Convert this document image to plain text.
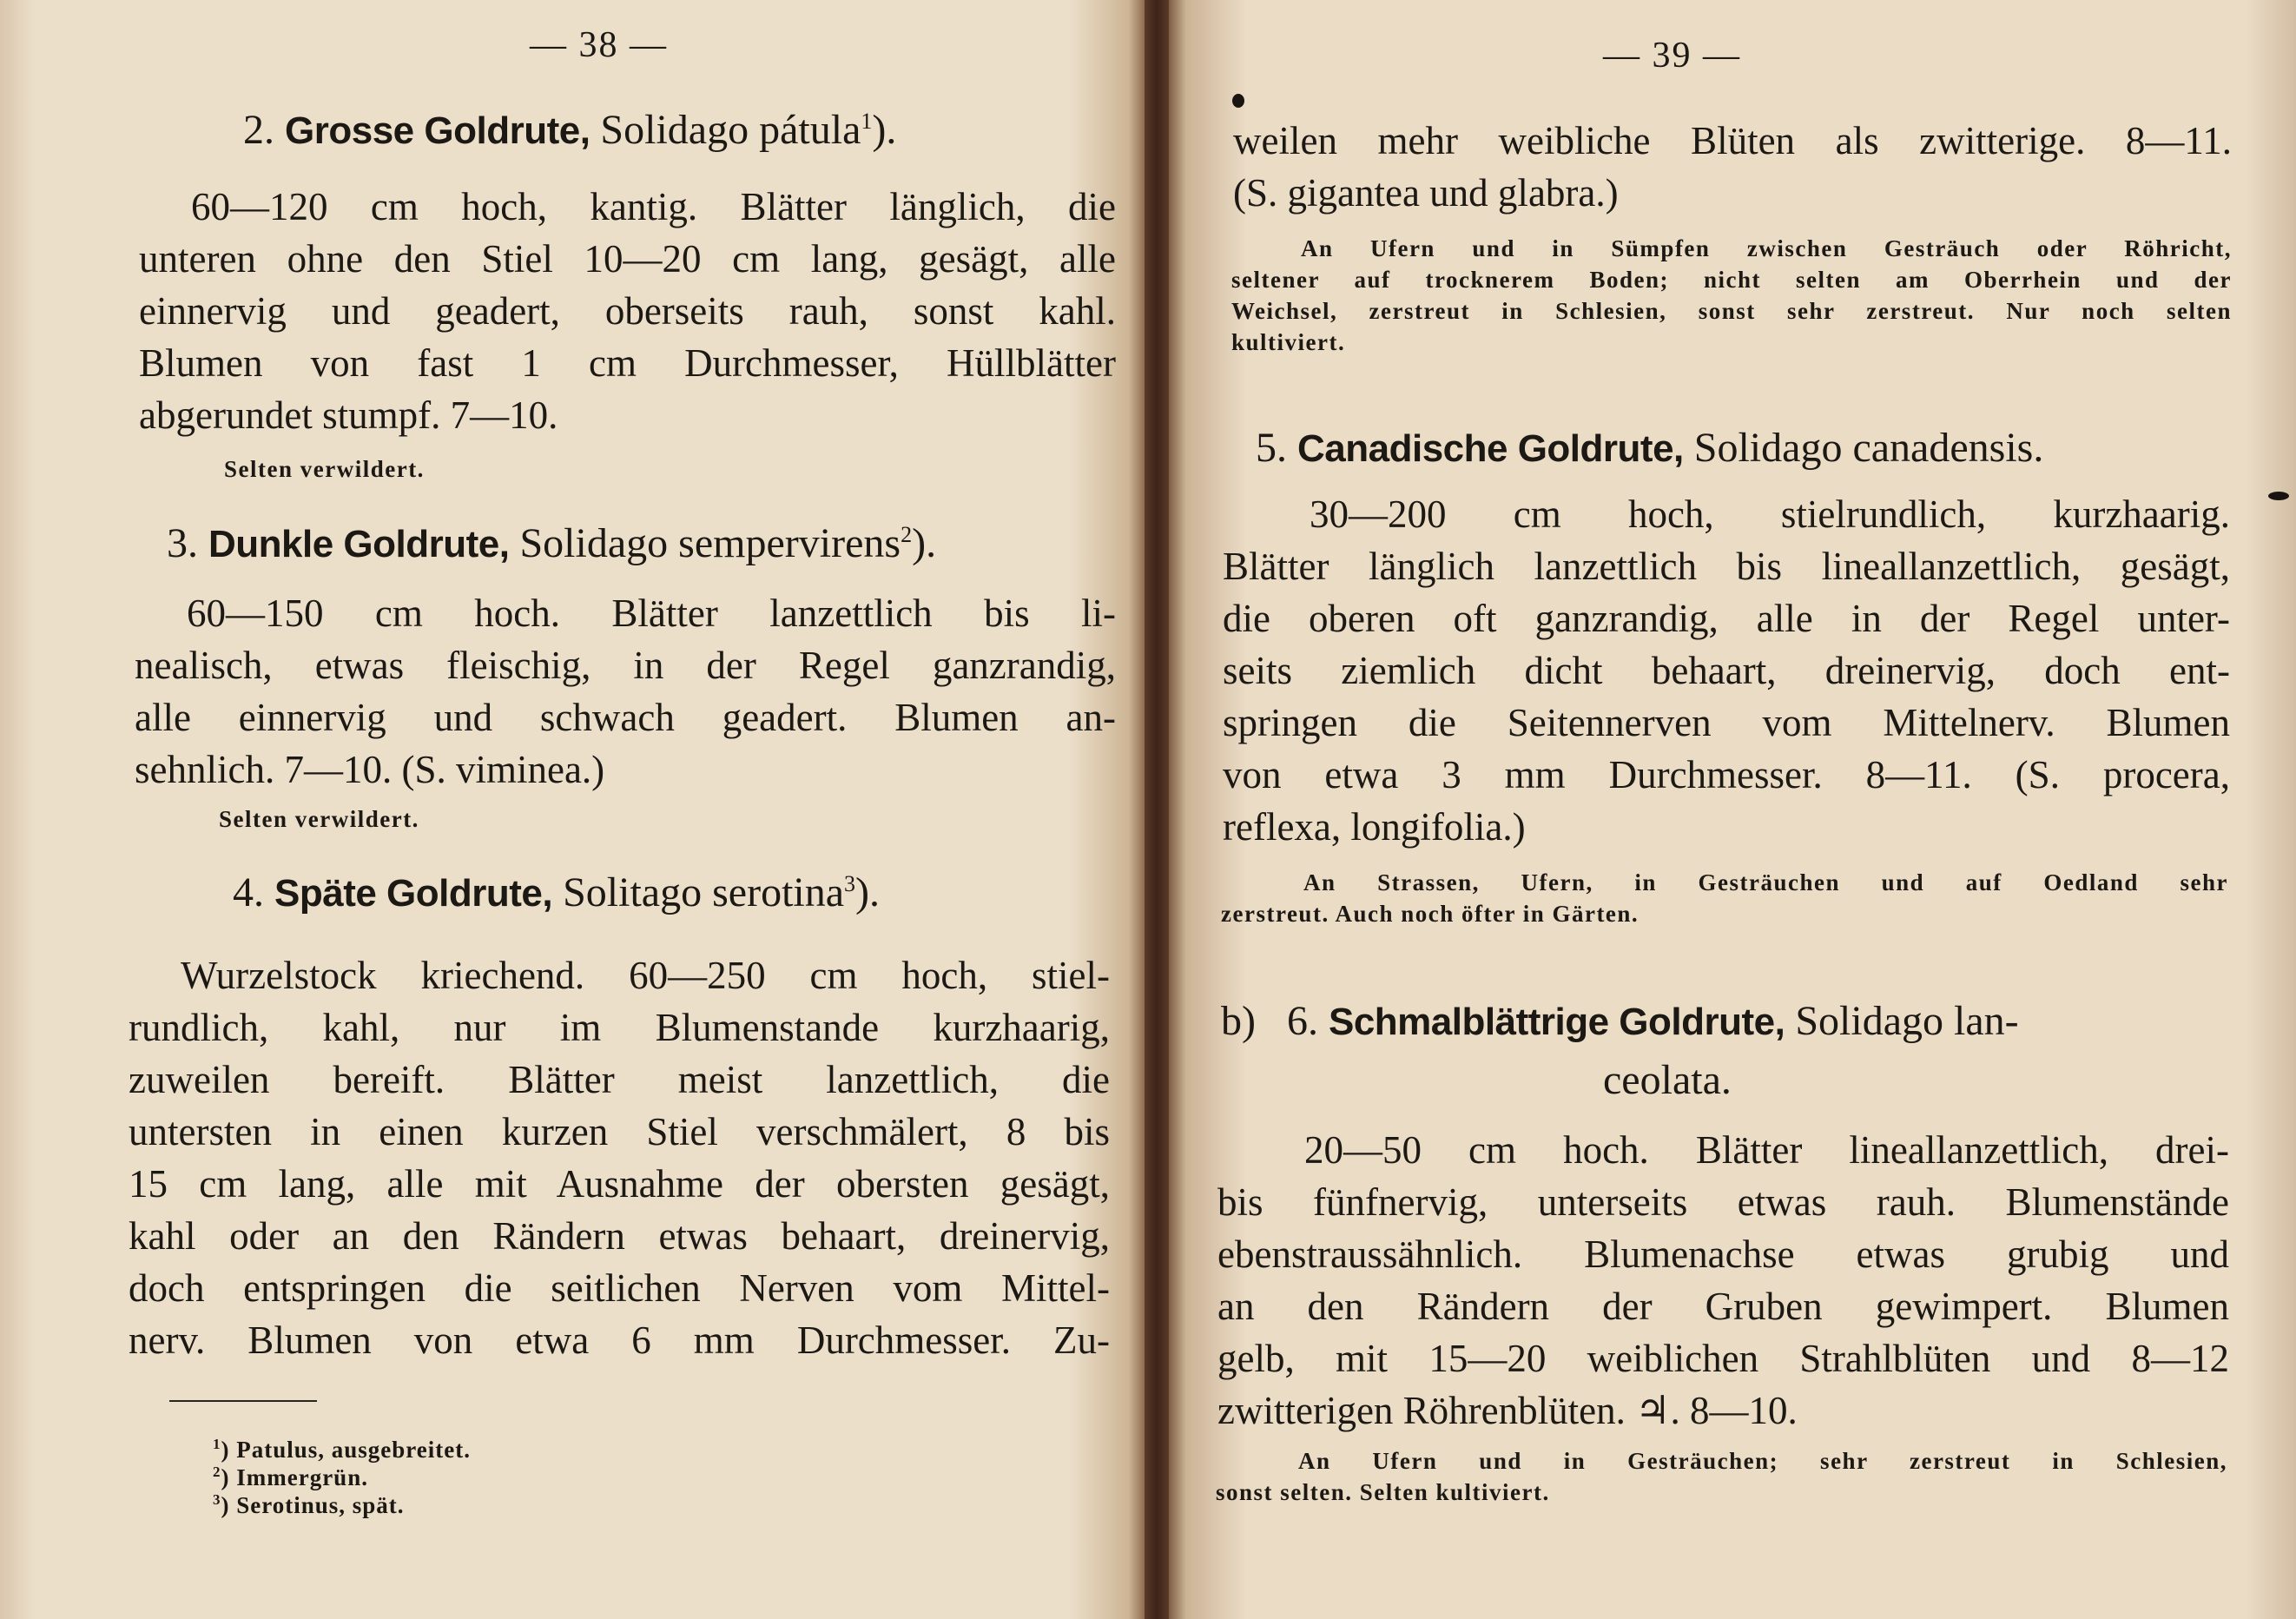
— 38 —
2. Grosse Goldrute, Solidago pátula$^1$).
60—120 cm hoch, kantig. Blätter länglich, die
unteren ohne den Stiel 10—20 cm lang, gesägt, alle
einnervig und geadert, oberseits rauh, sonst kahl.
Blumen von fast 1 cm Durchmesser, Hüllblätter
abgerundet stumpf. 7—10.
Selten verwildert.
3. Dunkle Goldrute, Solidago sempervirens$^2$).
60—150 cm hoch. Blätter lanzettlich bis li-
nealisch, etwas fleischig, in der Regel ganzrandig,
alle einnervig und schwach geadert. Blumen an-
sehnlich. 7—10. (S. viminea.)
Selten verwildert.
4. Späte Goldrute, Solitago serotina$^3$).
Wurzelstock kriechend. 60—250 cm hoch, stiel-
rundlich, kahl, nur im Blumenstande kurzhaarig,
zuweilen bereift. Blätter meist lanzettlich, die
untersten in einen kurzen Stiel verschmälert, 8 bis
15 cm lang, alle mit Ausnahme der obersten gesägt,
kahl oder an den Rändern etwas behaart, dreinervig,
doch entspringen die seitlichen Nerven vom Mittel-
nerv. Blumen von etwa 6 mm Durchmesser. Zu-
$^1$) Patulus, ausgebreitet.
$^2$) Immergrün.
$^3$) Serotinus, spät.
— 39 —
weilen mehr weibliche Blüten als zwitterige. 8—11.
(S. gigantea und glabra.)
An Ufern und in Sümpfen zwischen Gesträuch oder Röhricht,
seltener auf trocknerem Boden; nicht selten am Oberrhein und der
Weichsel, zerstreut in Schlesien, sonst sehr zerstreut. Nur noch selten
kultiviert.
5. Canadische Goldrute, Solidago canadensis.
30—200 cm hoch, stielrundlich, kurzhaarig.
Blätter länglich lanzettlich bis lineallanzettlich, gesägt,
die oberen oft ganzrandig, alle in der Regel unter-
seits ziemlich dicht behaart, dreinervig, doch ent-
springen die Seitennerven vom Mittelnerv. Blumen
von etwa 3 mm Durchmesser. 8—11. (S. procera,
reflexa, longifolia.)
An Strassen, Ufern, in Gesträuchen und auf Oedland sehr
zerstreut. Auch noch öfter in Gärten.
b) 6. Schmalblättrige Goldrute, Solidago lan-
ceolata.
20—50 cm hoch. Blätter lineallanzettlich, drei-
bis fünfnervig, unterseits etwas rauh. Blumenstände
ebenstraussähnlich. Blumenachse etwas grubig und
an den Rändern der Gruben gewimpert. Blumen
gelb, mit 15—20 weiblichen Strahlblüten und 8—12
zwitterigen Röhrenblüten. ♃. 8—10.
An Ufern und in Gesträuchen; sehr zerstreut in Schlesien,
sonst selten. Selten kultiviert.
